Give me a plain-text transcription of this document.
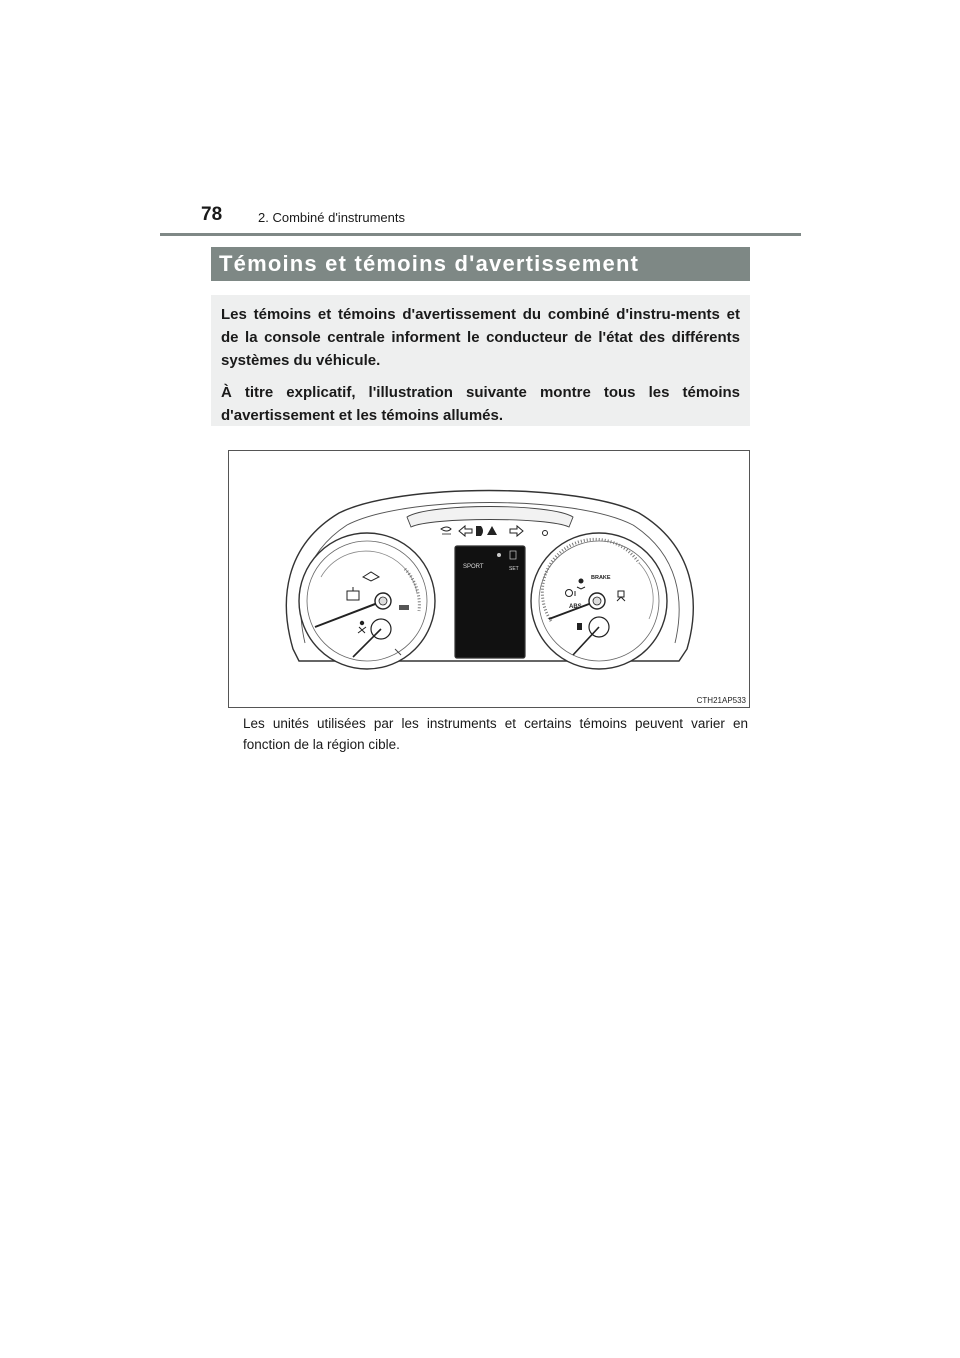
78	2. Combiné d'instruments
Témoins et témoins d'avertissement

Les témoins et témoins d'avertissement du combiné d'instru-ments et de la console centrale informent le conducteur de l'état des différents systèmes du véhicule.

À titre explicatif, l'illustration suivante montre tous les témoins d'avertissement et les témoins allumés.

ABS
BRAKE
SPORT	SET
CTH21AP533

Les unités utilisées par les instruments et certains témoins peuvent varier en fonction de la région cible.
